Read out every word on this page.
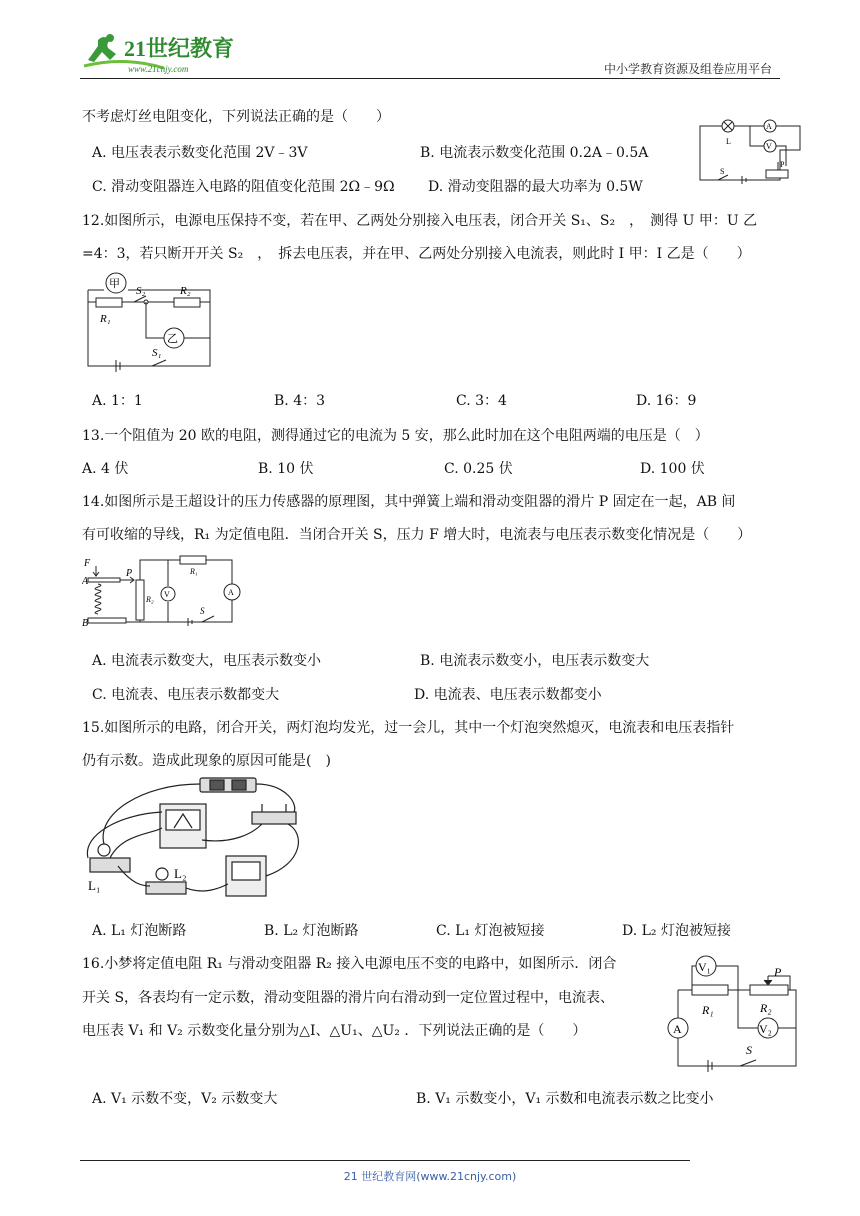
21世纪教育
www.21cnjy.com	中小学教育资源及组卷应用平台
不考虑灯丝电阻变化，下列说法正确的是（　　）
A. 电压表表示数变化范围 2V﹣3V	B. 电流表示数变化范围 0.2A﹣0.5A
C. 滑动变阻器连入电路的阻值变化范围 2Ω﹣9Ω D. 滑动变阻器的最大功率为 0.5W
L
A
V
P
S
12.如图所示，电源电压保持不变，若在甲、乙两处分别接入电压表，闭合开关 S₁、S₂　，　测得 U 甲：U 乙
=4：3，若只断开开关 S₂　，　拆去电压表，并在甲、乙两处分别接入电流表，则此时 I 甲：I 乙是（　　）
甲
乙
R₁
R₂
S₂
S₁
A. 1：1	B. 4：3	C. 3：4	D. 16：9
13.一个阻值为 20 欧的电阻，测得通过它的电流为 5 安，那么此时加在这个电阻两端的电压是（　）
A. 4 伏	B. 10 伏	C. 0.25 伏	D. 100 伏
14.如图所示是王超设计的压力传感器的原理图，其中弹簧上端和滑动变阻器的滑片 P 固定在一起，AB 间
有可收缩的导线，R₁ 为定值电阻．当闭合开关 S，压力 F 增大时，电流表与电压表示数变化情况是（　　）
F
A
B
P
R₂
R₁
V	A
S
A. 电流表示数变大，电压表示数变小	B. 电流表示数变小，电压表示数变大
C. 电流表、电压表示数都变大	D. 电流表、电压表示数都变小
15.如图所示的电路，闭合开关，两灯泡均发光，过一会儿，其中一个灯泡突然熄灭，电流表和电压表指针
仍有示数。造成此现象的原因可能是(　)
L₁
L₂
A. L₁ 灯泡断路	B. L₂ 灯泡断路	C. L₁ 灯泡被短接	D. L₂ 灯泡被短接
16.小梦将定值电阻 R₁ 与滑动变阻器 R₂ 接入电源电压不变的电路中，如图所示．闭合
开关 S，各表均有一定示数，滑动变阻器的滑片向右滑动到一定位置过程中，电流表、
电压表 V₁ 和 V₂ 示数变化量分别为△I、△U₁、△U₂ ．下列说法正确的是（　　）
V₁
V₂
A
R₁	R₂
P
S
A. V₁ 示数不变，V₂ 示数变大	B. V₁ 示数变小，V₁ 示数和电流表示数之比变小
21 世纪教育网(www.21cnjy.com)
